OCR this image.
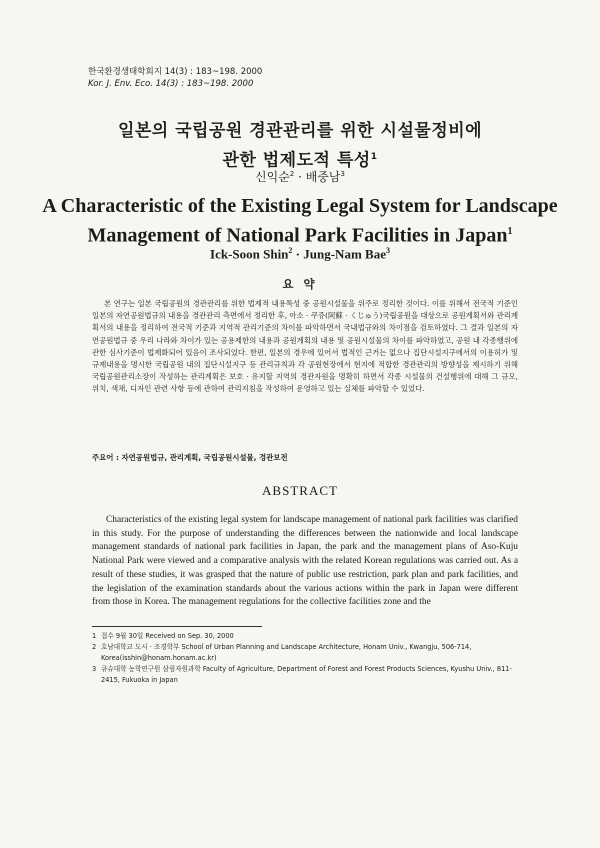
한국환경생태학회지 14(3) : 183~198. 2000
Kor. J. Env. Eco. 14(3) : 183~198. 2000
일본의 국립공원 경관관리를 위한 시설물정비에
관한 법제도적 특성$^1$
신익순$^2$ · 배중남$^3$
A Characteristic of the Existing Legal System for Landscape
Management of National Park Facilities in Japan$^1$
Ick-Soon Shin$^2$ · Jung-Nam Bae$^3$
요 약
본 연구는 일본 국립공원의 경관관리를 위한 법제적 내용특성 중 공원시설물을 위주로 정리한 것이다. 이를 위해서 전국적 기준인 일본의 자연공원법규의 내용을 경관관리 측면에서 정리한 후, 아소 · 쿠쥬(阿蘇 · くじゅう)국립공원을 대상으로 공원계획서와 관리계획서의 내용을 정리하여 전국적 기준과 지역적 관리기준의 차이를 파악하면서 국내법규와의 차이점을 검토하였다. 그 결과 일본의 자연공원법규 중 우리 나라와 차이가 있는 공용제한의 내용과 공원계획의 내용 및 공원시설물의 차이를 파악하였고, 공원 내 각종행위에 관한 심사기준이 법제화되어 있음이 조사되었다. 한편, 일본의 경우에 있어서 법적인 근거는 없으나 집단시설지구에서의 이용허가 및 규제내용을 명시한 국립공원 내의 집단시설지구 등 관리규칙과 각 공원현장에서 현지에 적합한 경관관리의 방향성을 제시하기 위해 국립공원관리소장이 작성하는 관리계획은 보호 · 유지할 지역의 경관자원을 명확히 하면서 각종 시설물의 건설행위에 대해 그 규모, 위치, 색채, 디자인 관련 사항 등에 관하여 관리지침을 작성하여 운영하고 있는 실체를 파악할 수 있었다.
주요어 : 자연공원법규, 관리계획, 국립공원시설물, 경관보전
ABSTRACT
Characteristics of the existing legal system for landscape management of national park facilities was clarified in this study. For the purpose of understanding the differences between the nationwide and local landscape management standards of national park facilities in Japan, the park and the management plans of Aso-Kuju National Park were viewed and a comparative analysis with the related Korean regulations was carried out. As a result of these studies, it was grasped that the nature of public use restriction, park plan and park facilities, and the legislation of the examination standards about the various actions within the park in Japan were different from those in Korea. The management regulations for the collective facilities zone and the
1 접수 9월 30일 Received on Sep. 30, 2000
2 호남대학교 도시 · 조경학부 School of Urban Planning and Landscape Architecture, Honam Univ., Kwangju, 506-714, Korea(isshin@honam.honam.ac.kr)
3 큐슈대학 농학연구원 삼림자원과학 Faculty of Agriculture, Department of Forest and Forest Products Sciences, Kyushu Univ., 811-2415, Fukuoka in Japan
